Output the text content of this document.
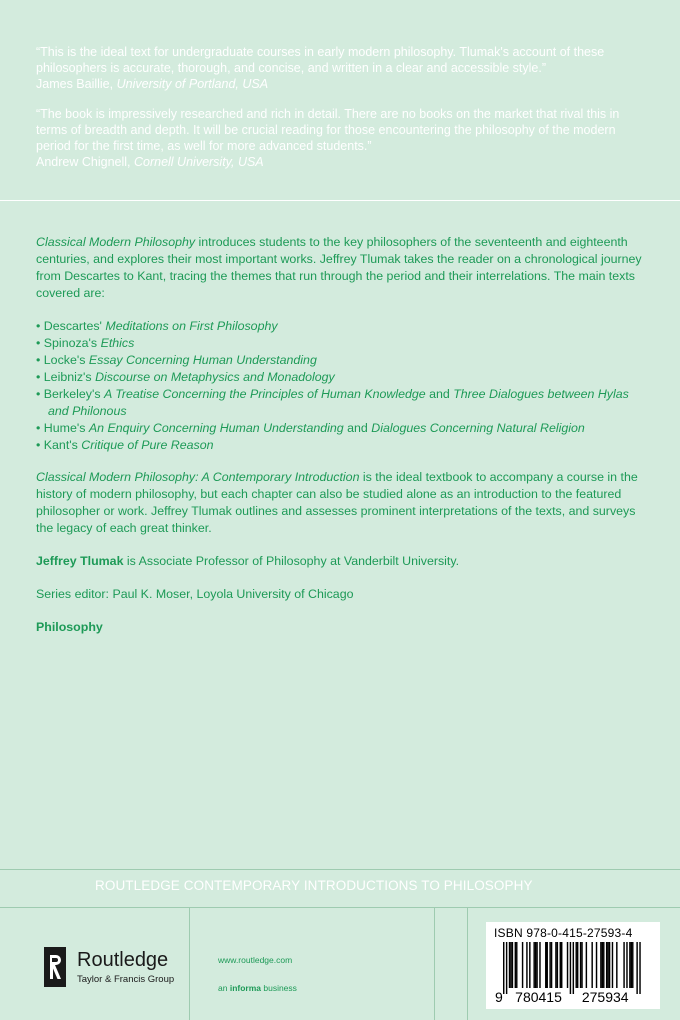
“This is the ideal text for undergraduate courses in early modern philosophy. Tlumak's account of these philosophers is accurate, thorough, and concise, and written in a clear and accessible style.”
James Baillie, University of Portland, USA
“The book is impressively researched and rich in detail. There are no books on the market that rival this in terms of breadth and depth. It will be crucial reading for those encountering the philosophy of the modern period for the first time, as well for more advanced students.”
Andrew Chignell, Cornell University, USA

Classical Modern Philosophy introduces students to the key philosophers of the seventeenth and eighteenth centuries, and explores their most important works. Jeffrey Tlumak takes the reader on a chronological journey from Descartes to Kant, tracing the themes that run through the period and their interrelations. The main texts covered are:

• Descartes' Meditations on First Philosophy
• Spinoza's Ethics
• Locke's Essay Concerning Human Understanding
• Leibniz's Discourse on Metaphysics and Monadology
• Berkeley's A Treatise Concerning the Principles of Human Knowledge and Three Dialogues between Hylas and Philonous
• Hume's An Enquiry Concerning Human Understanding and Dialogues Concerning Natural Religion
• Kant's Critique of Pure Reason

Classical Modern Philosophy: A Contemporary Introduction is the ideal textbook to accompany a course in the history of modern philosophy, but each chapter can also be studied alone as an introduction to the featured philosopher or work. Jeffrey Tlumak outlines and assesses prominent interpretations of the texts, and surveys the legacy of each great thinker.

Jeffrey Tlumak is Associate Professor of Philosophy at Vanderbilt University.

Series editor: Paul K. Moser, Loyola University of Chicago

Philosophy

ROUTLEDGE CONTEMPORARY INTRODUCTIONS TO PHILOSOPHY
Routledge
Taylor & Francis Group
www.routledge.com
an informa business
ISBN 978-0-415-27593-4
9 780415 275934
